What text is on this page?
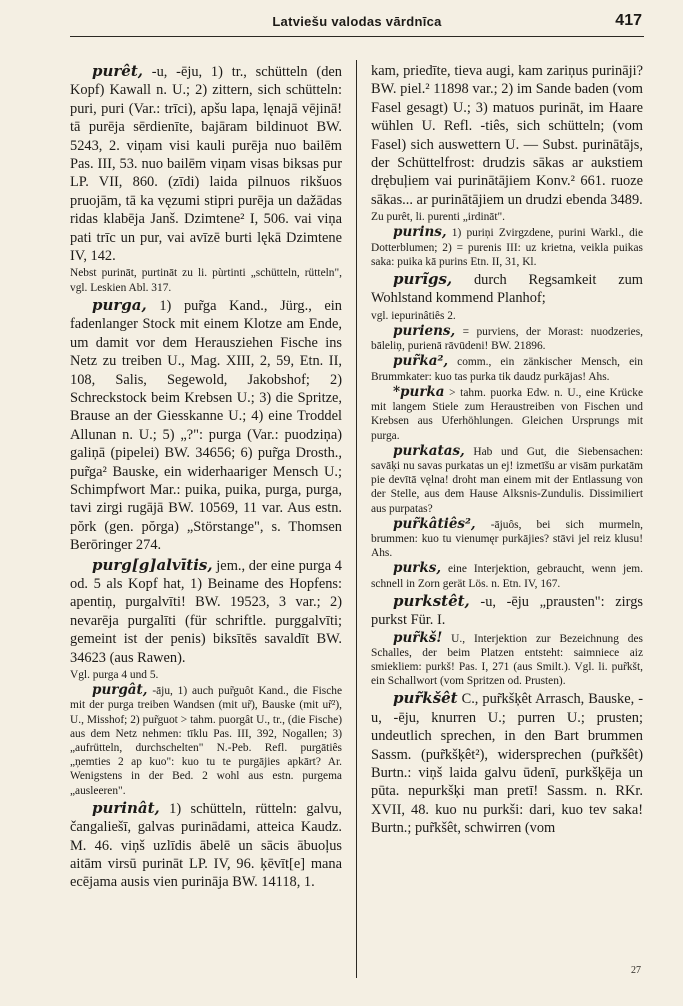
Latviešu valodas vārdnīca	417
purêt, -u, -ēju, 1) tr., schütteln (den Kopf) Kawall n. U.; 2) zittern, sich schütteln: puri, puri (Var.: trīci), apšu lapa, lęnajā vējinā! tā purēja sērdienīte, bajāram bildinuot BW. 5243, 2. viņam visi kauli purēja nuo bailēm Pas. III, 53. nuo bailēm viņam visas biksas pur LP. VII, 860. (zīdi) laida pilnuos rikšuos pruojām, tā ka vęzumi stipri purēja un dažādas ridas klabēja Janš. Dzimtene² I, 506. vai viņa pati trīc un pur, vai avīzē burti lękā Dzimtene IV, 142.
Nebst purināt, purtināt zu li. pùrtinti „schütteln, rütteln", vgl. Leskien Abl. 317.
purga, 1) pur̃ga Kand., Jürg., ein fadenlanger Stock mit einem Klotze am Ende, um damit vor dem Herausziehen Fische ins Netz zu treiben U., Mag. XIII, 2, 59, Etn. II, 108, Salis, Segewold, Jakobshof; 2) Schreckstock beim Krebsen U.; 3) die Spritze, Brause an der Giesskanne U.; 4) eine Troddel Allunan n. U.; 5) „?": purga (Var.: puodziņa) galiņā (pipelei) BW. 34656; 6) pur̃ga Drosth., pur̃ga² Bauske, ein widerhaariger Mensch U.; Schimpfwort Mar.: puika, puika, purga, purga, tavi zirgi rugājā BW. 10569, 11 var. Aus estn. pŏrk (gen. pŏrga) „Störstange", s. Thomsen Berōringer 274.
purg[g]alvītis, jem., der eine purga 4 od. 5 als Kopf hat, 1) Beiname des Hopfens: apentiņ, purgalvīti! BW. 19523, 3 var.; 2) nevarēja purgalīti (für schriftle. purggalvīti; gemeint ist der penis) biksītēs savaldīt BW. 34623 (aus Rawen).
Vgl. purga 4 und 5.
purgât, -āju, 1) auch pur̃guôt Kand., die Fische mit der purga treiben Wandsen (mit ur̃), Bauske (mit ur̃²), U., Misshof; 2) pur̃guot > tahm. puorgât U., tr., (die Fische) aus dem Netz nehmen: tīklu Pas. III, 392, Nogallen; 3) „aufrütteln, durchschelten" N.-Peb. Refl. purgātiês „ņemties 2 ap kuo": kuo tu te purgājies apkārt? Ar. Wenigstens in der Bed. 2 wohl aus estn. purgema „ausleeren".
purinât, 1) schütteln, rütteln: galvu, čangaliešī, galvas purinādami, atteica Kaudz. M. 46. viņš uzlīdis ābelē un sācis ābuoļus aitām virsū purināt LP. IV, 96. ķēvīt[e] mana ecējama ausis vien purināja BW. 14118, 1.
kam, priedīte, tieva augi, kam zariņus purināji? BW. piel.² 11898 var.; 2) im Sande baden (vom Fasel gesagt) U.; 3) matuos purināt, im Haare wühlen U. Refl. -tiês, sich schütteln; (vom Fasel) sich auswettern U. — Subst. purinātājs, der Schüttelfrost: drudzis sākas ar aukstiem drębuļiem vai purinātājiem Konv.² 661. ruoze sākas... ar purinātājiem un drudzi ebenda 3489.
Zu purêt, li. purenti „irdināt".
purins, 1) puriņi Zvirgzdene, purini Warkl., die Dotterblumen; 2) = purenis III: uz krietna, veikla puikas saka: puika kā purins Etn. II, 31, Kl.
purĩgs, durch Regsamkeit zum Wohlstand kommend Planhof;
vgl. iepurinâtiês 2.
puriens, = purviens, der Morast: nuodzeries, bāleliņ, purienā rāvūdeni! BW. 21896.
pur̃ka², comm., ein zänkischer Mensch, ein Brummkater: kuo tas purka tik daudz purkājas! Ahs.
*purka > tahm. puorka Edw. n. U., eine Krücke mit langem Stiele zum Heraustreiben von Fischen und Krebsen aus Uferhöhlungen. Gleichen Ursprungs mit purga.
purkatas, Hab und Gut, die Siebensachen: savāķi nu savas purkatas un ej! izmetīšu ar visām purkatām pie devītā vęlna! droht man einem mit der Entlassung von der Stelle, aus dem Hause Alksnis-Zundulis. Dissimiliert aus purpatas?
pur̃kâtiês², -ājuôs, bei sich murmeln, brummen: kuo tu vienumęr purkājies? stāvi jel reiz klusu! Ahs.
purks, eine Interjektion, gebraucht, wenn jem. schnell in Zorn gerät Lös. n. Etn. IV, 167.
purkstêt, -u, -ēju „prausten": zirgs purkst Für. I.
pur̃kš! U., Interjektion zur Bezeichnung des Schalles, der beim Platzen entsteht: saimniece aiz smiekliem: purkš! Pas. I, 271 (aus Smilt.). Vgl. li. pur̃kšt, ein Schallwort (vom Spritzen od. Prusten).
pur̃kšêt C., pur̃kšķêt Arrasch, Bauske, -u, -ēju, knurren U.; purren U.; prusten; undeutlich sprechen, in den Bart brummen Sassm. (pur̃kšķêt²), widersprechen (pur̃kšêt) Burtn.: viņš laida galvu ūdenī, purkšķēja un pūta. nepurkšķi man pretī! Sassm. n. RKr. XVII, 48. kuo nu purkši: dari, kuo tev saka! Burtn.; pur̃kšêt, schwirren (vom
27
